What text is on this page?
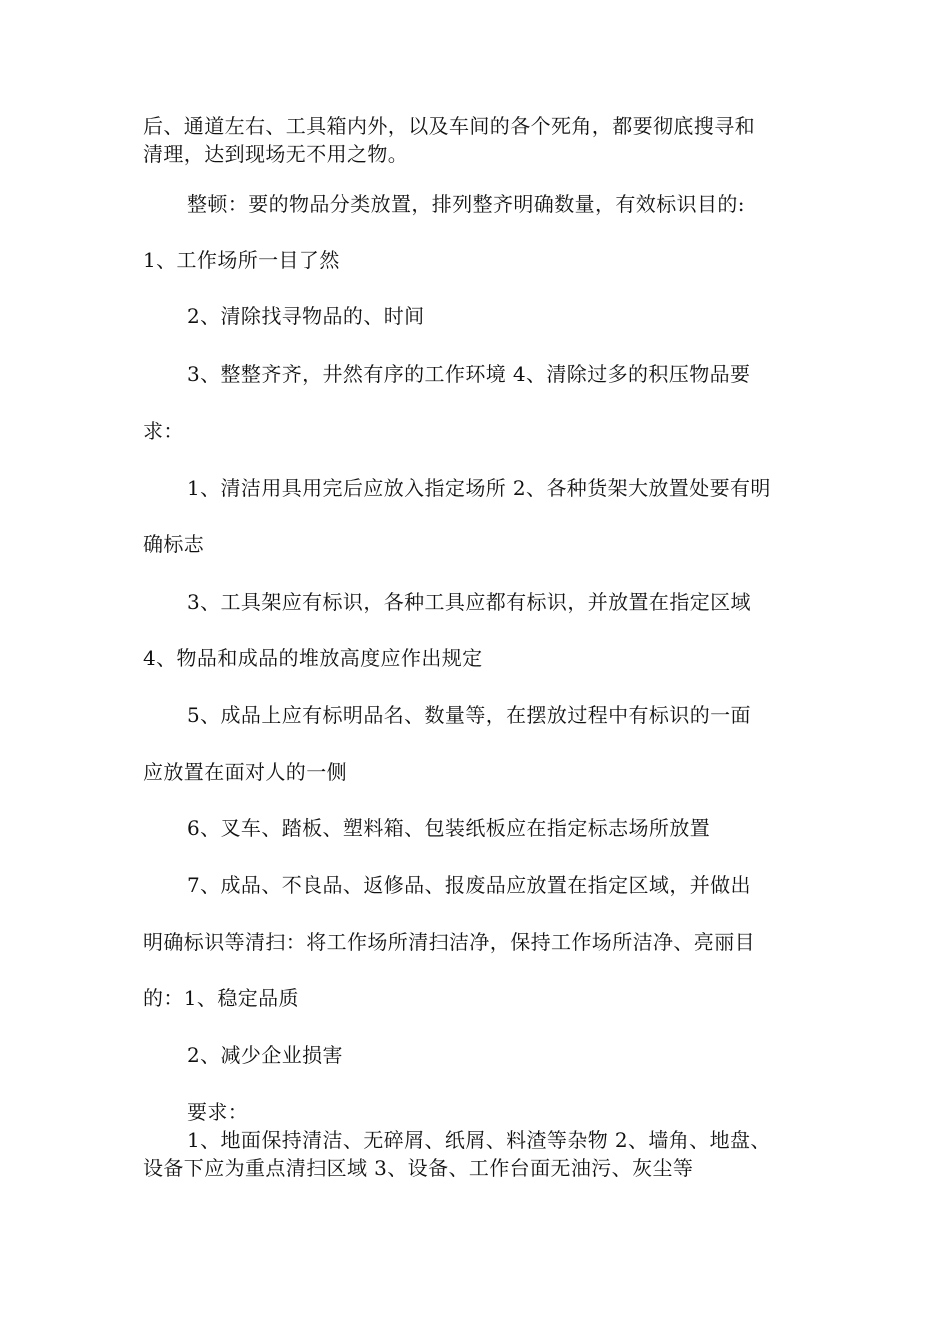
后、通道左右、工具箱内外，以及车间的各个死角，都要彻底搜寻和
清理，达到现场无不用之物。
整顿：要的物品分类放置，排列整齐明确数量，有效标识目的:
1、工作场所一目了然
2、清除找寻物品的、时间
3、整整齐齐，井然有序的工作环境 4、清除过多的积压物品要
求：
1、清洁用具用完后应放入指定场所 2、各种货架大放置处要有明
确标志
3、工具架应有标识，各种工具应都有标识，并放置在指定区域
4、物品和成品的堆放高度应作出规定
5、成品上应有标明品名、数量等，在摆放过程中有标识的一面
应放置在面对人的一侧
6、叉车、踏板、塑料箱、包装纸板应在指定标志场所放置
7、成品、不良品、返修品、报废品应放置在指定区域，并做出
明确标识等清扫：将工作场所清扫洁净，保持工作场所洁净、亮丽目
的：1、稳定品质
2、减少企业损害
要求：
1、地面保持清洁、无碎屑、纸屑、料渣等杂物 2、墙角、地盘、
设备下应为重点清扫区域 3、设备、工作台面无油污、灰尘等
